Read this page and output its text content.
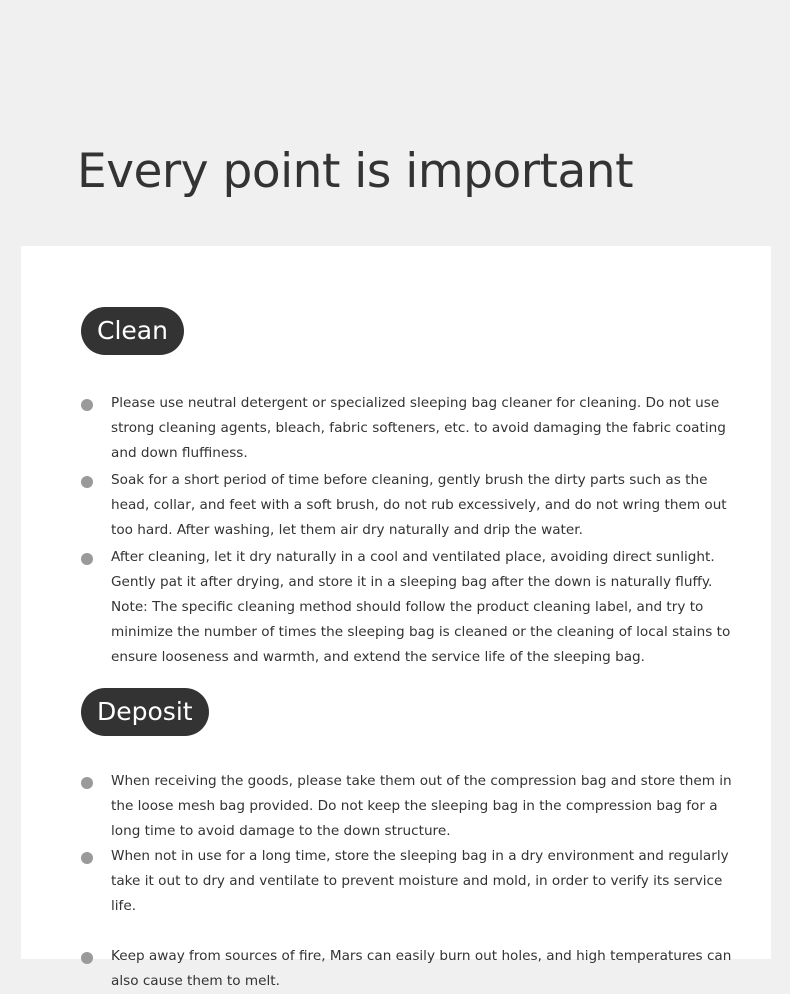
Every point is important
Clean
Please use neutral detergent or specialized sleeping bag cleaner for cleaning. Do not use strong cleaning agents, bleach, fabric softeners, etc. to avoid damaging the fabric coating and down fluffiness.
Soak for a short period of time before cleaning, gently brush the dirty parts such as the head, collar, and feet with a soft brush, do not rub excessively, and do not wring them out too hard. After washing, let them air dry naturally and drip the water.
After cleaning, let it dry naturally in a cool and ventilated place, avoiding direct sunlight. Gently pat it after drying, and store it in a sleeping bag after the down is naturally fluffy. Note: The specific cleaning method should follow the product cleaning label, and try to minimize the number of times the sleeping bag is cleaned or the cleaning of local stains to ensure looseness and warmth, and extend the service life of the sleeping bag.
Deposit
When receiving the goods, please take them out of the compression bag and store them in the loose mesh bag provided. Do not keep the sleeping bag in the compression bag for a long time to avoid damage to the down structure.
When not in use for a long time, store the sleeping bag in a dry environment and regularly take it out to dry and ventilate to prevent moisture and mold, in order to verify its service life.
Keep away from sources of fire, Mars can easily burn out holes, and high temperatures can also cause them to melt.
